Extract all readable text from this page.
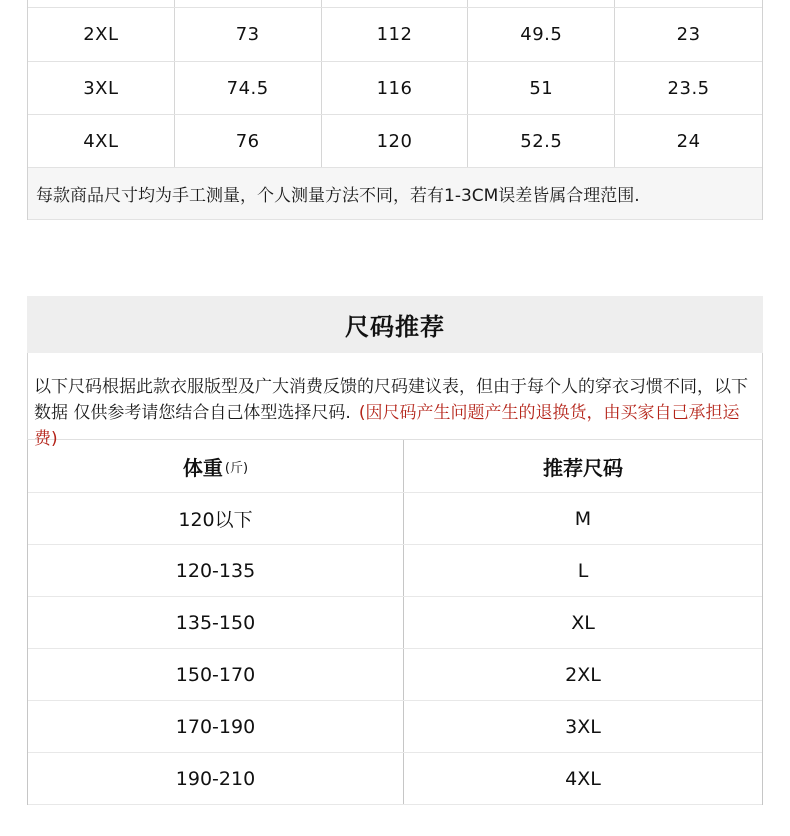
2XL	73	112	49.5	23
3XL	74.5	116	51	23.5
4XL	76	120	52.5	24
每款商品尺寸均为手工测量，个人测量方法不同，若有1-3CM误差皆属合理范围.
尺码推荐
以下尺码根据此款衣服版型及广大消费反馈的尺码建议表，但由于每个人的穿衣习惯不同，以下数据 仅供参考请您结合自己体型选择尺码. (因尺码产生问题产生的退换货，由买家自己承担运费)
体重 (斤)	推荐尺码
120以下	M
120-135	L
135-150	XL
150-170	2XL
170-190	3XL
190-210	4XL
